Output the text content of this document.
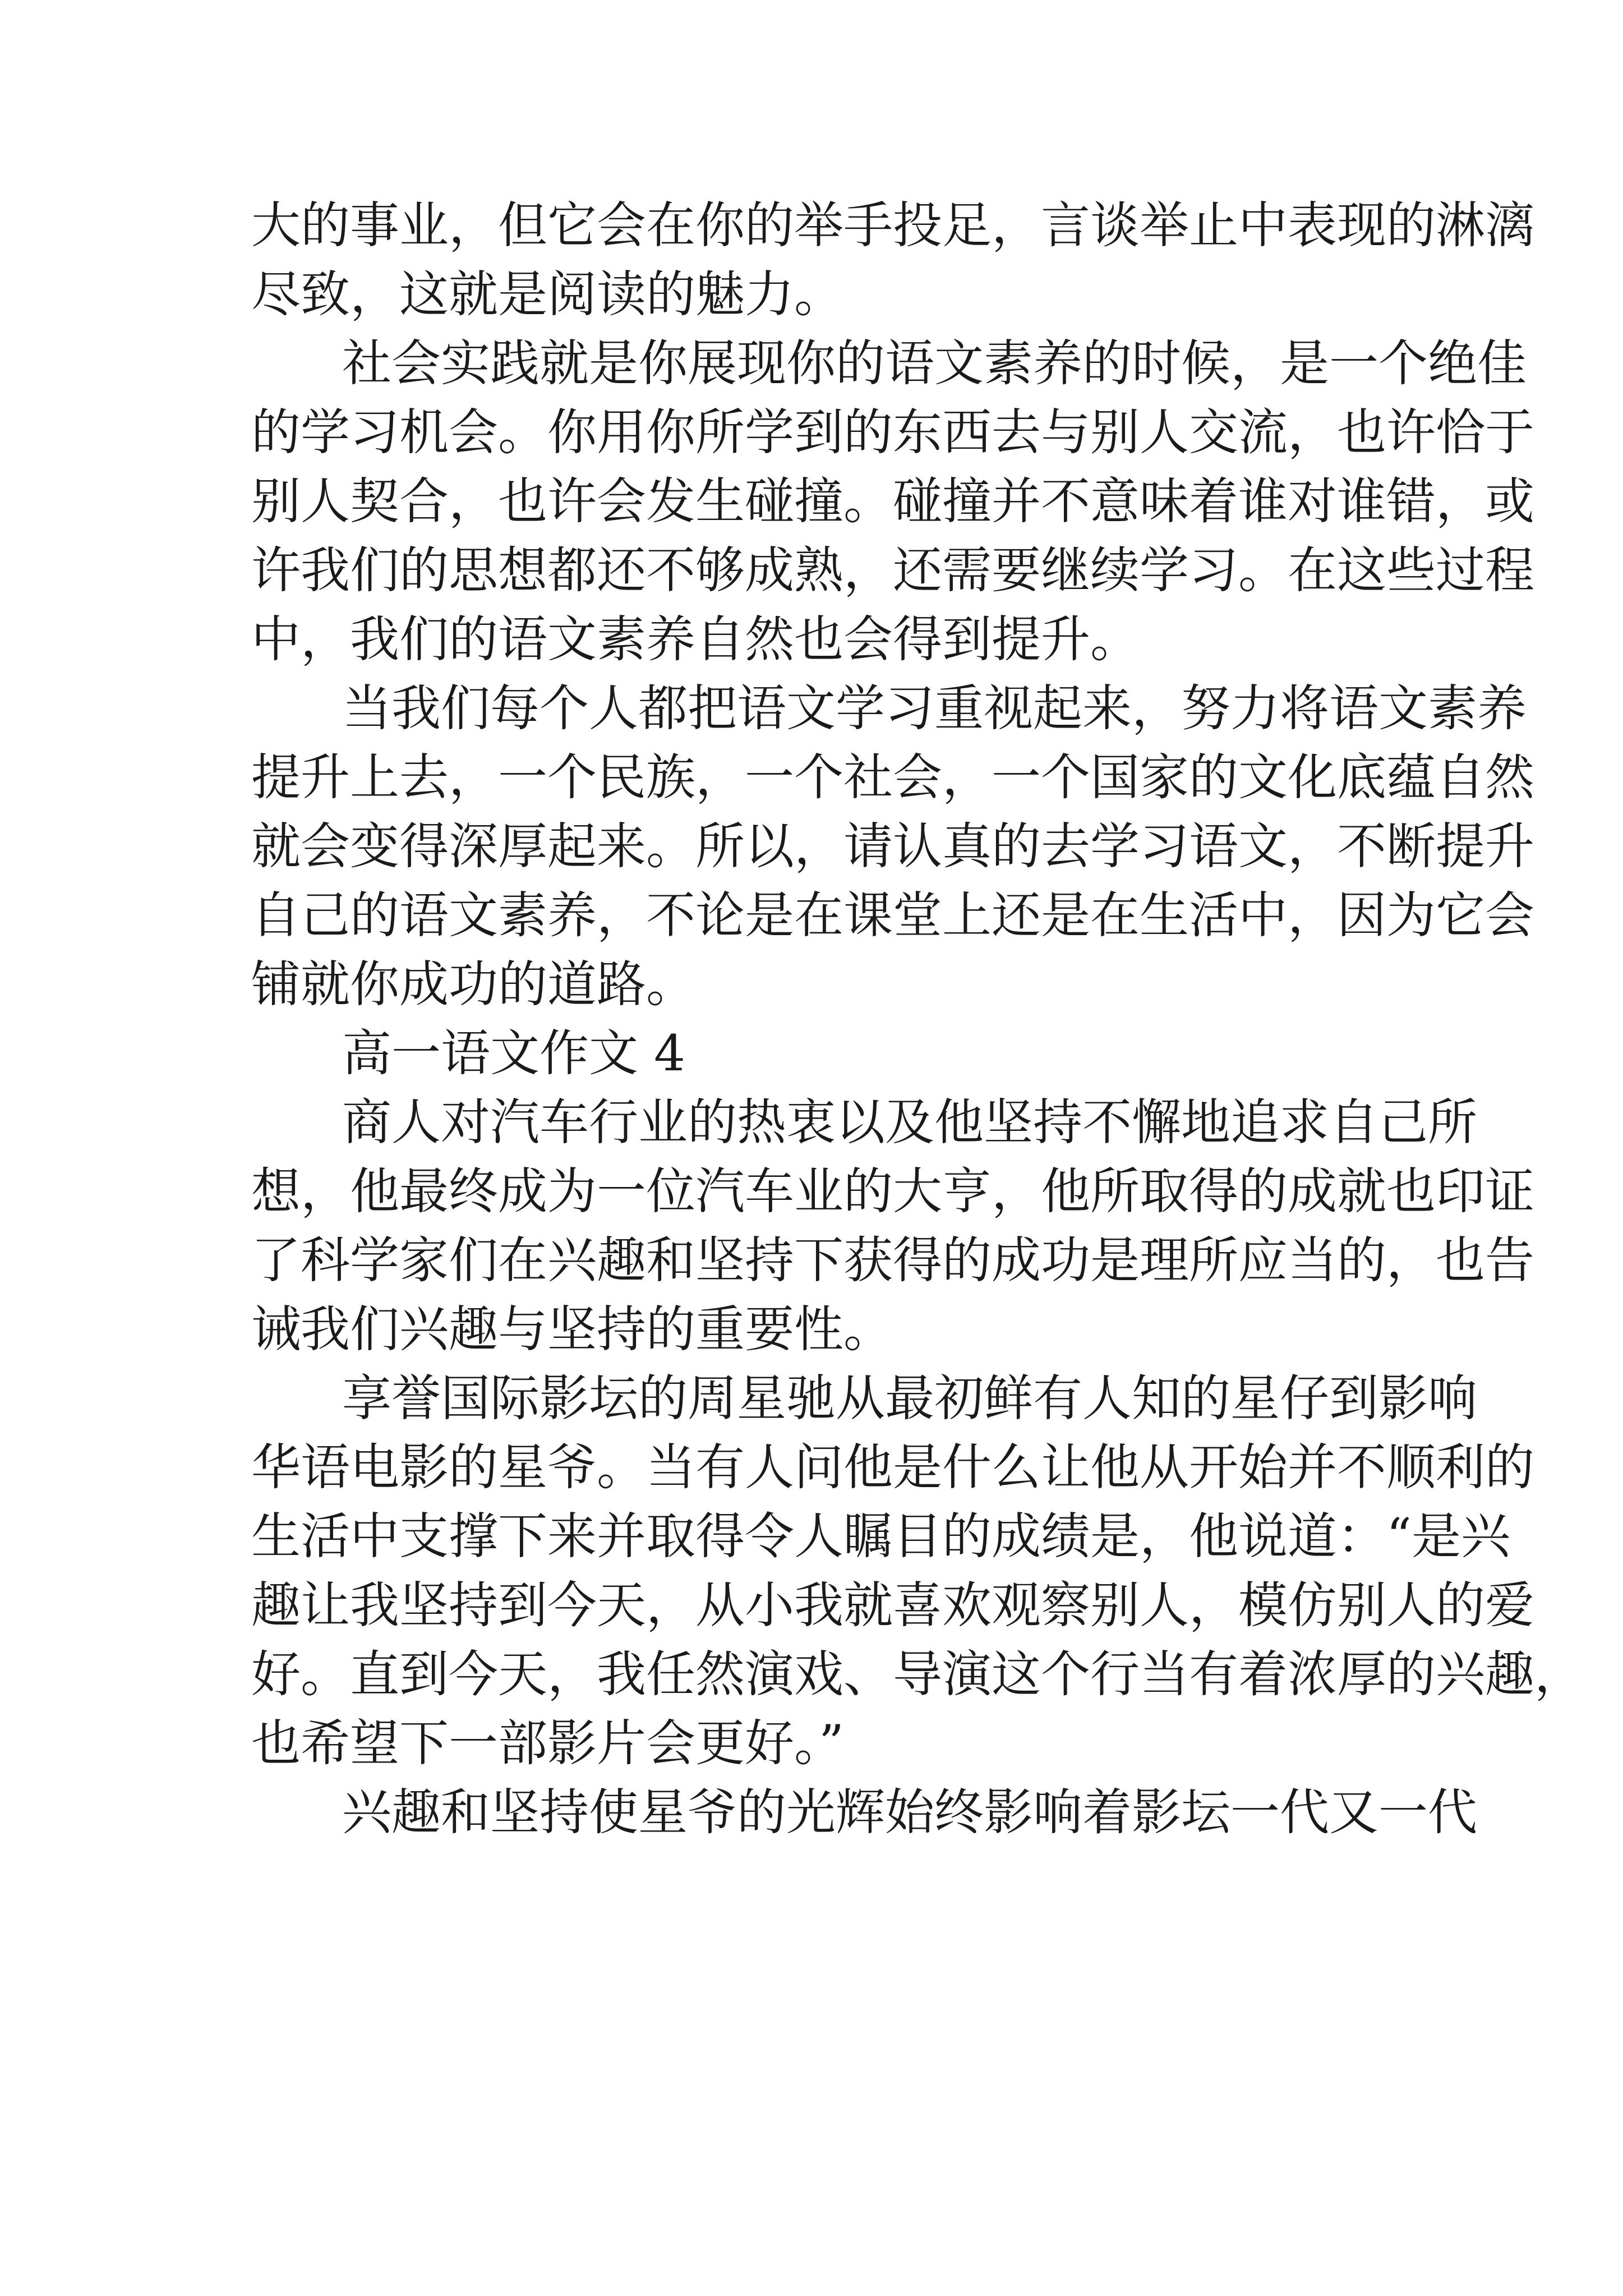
大的事业，但它会在你的举手投足，言谈举止中表现的淋漓
尽致，这就是阅读的魅力。
社会实践就是你展现你的语文素养的时候，是一个绝佳
的学习机会。你用你所学到的东西去与别人交流，也许恰于
别人契合，也许会发生碰撞。碰撞并不意味着谁对谁错，或
许我们的思想都还不够成熟，还需要继续学习。在这些过程
中，我们的语文素养自然也会得到提升。
当我们每个人都把语文学习重视起来，努力将语文素养
提升上去，一个民族，一个社会，一个国家的文化底蕴自然
就会变得深厚起来。所以，请认真的去学习语文，不断提升
自己的语文素养，不论是在课堂上还是在生活中，因为它会
铺就你成功的道路。
高一语文作文 4
商人对汽车行业的热衷以及他坚持不懈地追求自己所
想，他最终成为一位汽车业的大亨，他所取得的成就也印证
了科学家们在兴趣和坚持下获得的成功是理所应当的，也告
诫我们兴趣与坚持的重要性。
享誉国际影坛的周星驰从最初鲜有人知的星仔到影响
华语电影的星爷。当有人问他是什么让他从开始并不顺利的
生活中支撑下来并取得令人瞩目的成绩是，他说道：“是兴
趣让我坚持到今天，从小我就喜欢观察别人，模仿别人的爱
好。直到今天，我任然演戏、导演这个行当有着浓厚的兴趣，
也希望下一部影片会更好。”
兴趣和坚持使星爷的光辉始终影响着影坛一代又一代
